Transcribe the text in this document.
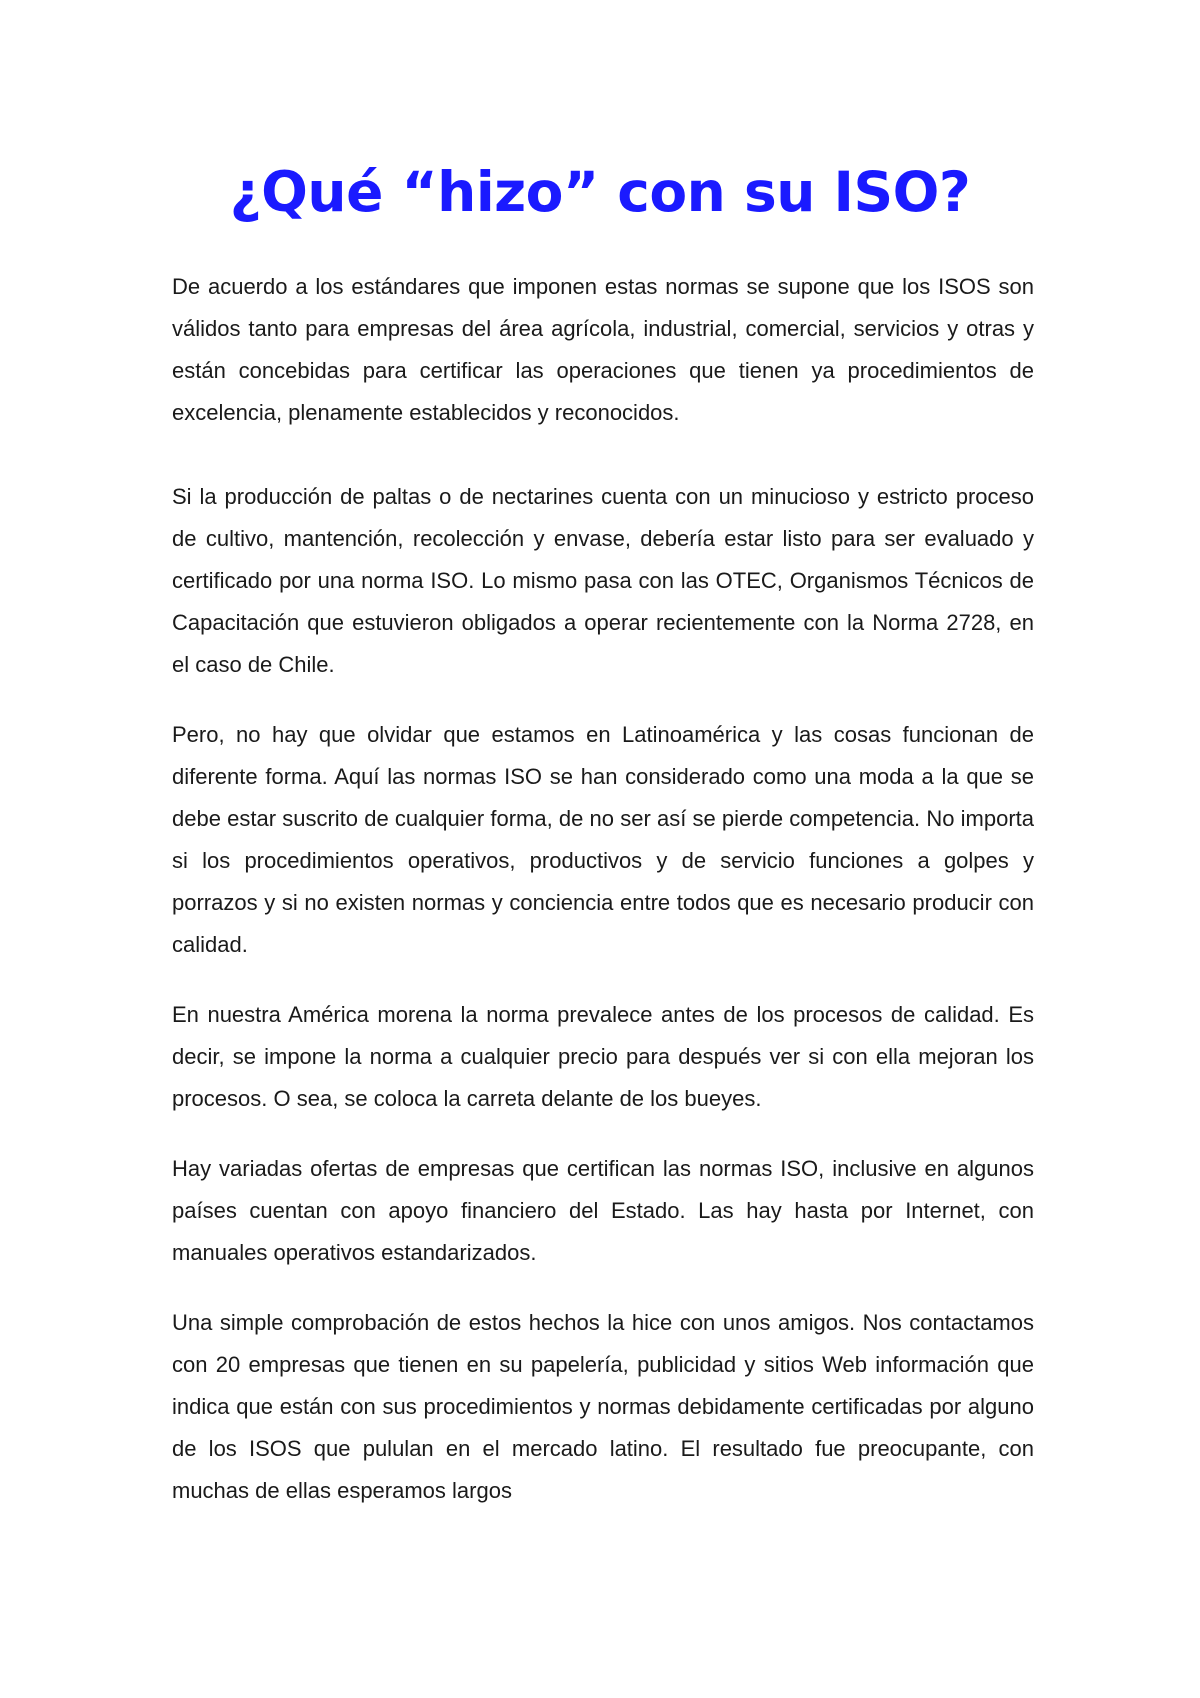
¿Qué “hizo” con su ISO?

De acuerdo a los estándares que imponen estas normas se supone que los ISOS son válidos tanto para empresas del área agrícola, industrial, comercial, servicios y otras y están concebidas para certificar las operaciones que tienen ya procedimientos de excelencia, plenamente establecidos y reconocidos.

Si la producción de paltas o de nectarines cuenta con un minucioso y estricto proceso de cultivo, mantención, recolección y envase, debería estar listo para ser evaluado y certificado por una norma ISO. Lo mismo pasa con las OTEC, Organismos Técnicos de Capacitación que estuvieron obligados a operar recientemente con la Norma 2728, en el caso de Chile.

Pero, no hay que olvidar que estamos en Latinoamérica y las cosas funcionan de diferente forma. Aquí las normas ISO se han considerado como una moda a la que se debe estar suscrito de cualquier forma, de no ser así se pierde competencia. No importa si los procedimientos operativos, productivos y de servicio funciones a golpes y porrazos y si no existen normas y conciencia entre todos que es necesario producir con calidad.

En nuestra América morena la norma prevalece antes de los procesos de calidad. Es decir, se impone la norma a cualquier precio para después ver si con ella mejoran los procesos. O sea, se coloca la carreta delante de los bueyes.

Hay variadas ofertas de empresas que certifican las normas ISO, inclusive en algunos países cuentan con apoyo financiero del Estado. Las hay hasta por Internet, con manuales operativos estandarizados.

Una simple comprobación de estos hechos la hice con unos amigos. Nos contactamos con 20 empresas que tienen en su papelería, publicidad y sitios Web información que indica que están con sus procedimientos y normas debidamente certificadas por alguno de los ISOS que pululan en el mercado latino. El resultado fue preocupante, con muchas de ellas esperamos largos
